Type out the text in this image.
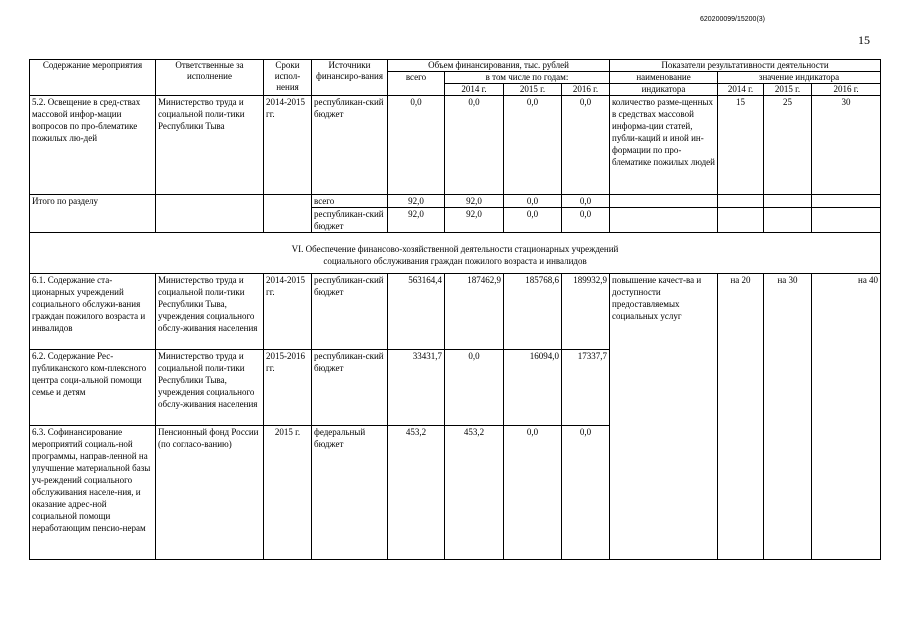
620200099/15200(3)
15
Содержание мероприятия	Ответственные за исполнение	Сроки испол-нения	Источники финансиро-вания	Объем финансирования, тыс. рублей				Показатели результативности деятельности			
				всего	в том числе по годам:			наименование	значение индикатора		
					2014 г.	2015 г.	2016 г.	индикатора	2014 г.	2015 г.	2016 г.
5.2. Освещение в сред-ствах массовой инфор-мации вопросов по про-блематике пожилых лю-дей	Министерство труда и социальной поли-тики Республики Тыва	2014-2015 гг.	республикан-ский бюджет	0,0	0,0	0,0	0,0	количество разме-щенных в средствах массовой информа-ции статей, публи-каций и иной ин-формации по про-блематике пожилых людей	15	25	30
Итого по разделу			всего	92,0	92,0	0,0	0,0				
			республикан-ский бюджет	92,0	92,0	0,0	0,0				

VI. Обеспечение финансово-хозяйственной деятельности стационарных учреждений
социального обслуживания граждан пожилого возраста и инвалидов											

6.1. Содержание ста-ционарных учреждений социального обслужи-вания граждан пожилого возраста и инвалидов	Министерство труда и социальной поли-тики Республики Тыва, учреждения социального обслу-живания населения	2014-2015 гг.	республикан-ский бюджет	563164,4	187462,9	185768,6	189932,9	повышение качест-ва и доступности предоставляемых социальных услуг	на 20	на 30	на 40
6.2. Содержание Рес-публиканского ком-плексного центра соци-альной помощи семье и детям	Министерство труда и социальной поли-тики Республики Тыва, учреждения социального обслу-живания населения	2015-2016 гг.	республикан-ский бюджет	33431,7	0,0	16094,0	17337,7				
6.3. Софинансирование мероприятий социаль-ной программы, направ-ленной на улучшение материальной базы уч-реждений социального обслуживания населе-ния, и оказание адрес-ной социальной помощи неработающим пенсио-нерам	Пенсионный фонд России (по согласо-ванию)	2015 г.	федеральный бюджет	453,2	453,2	0,0	0,0				
